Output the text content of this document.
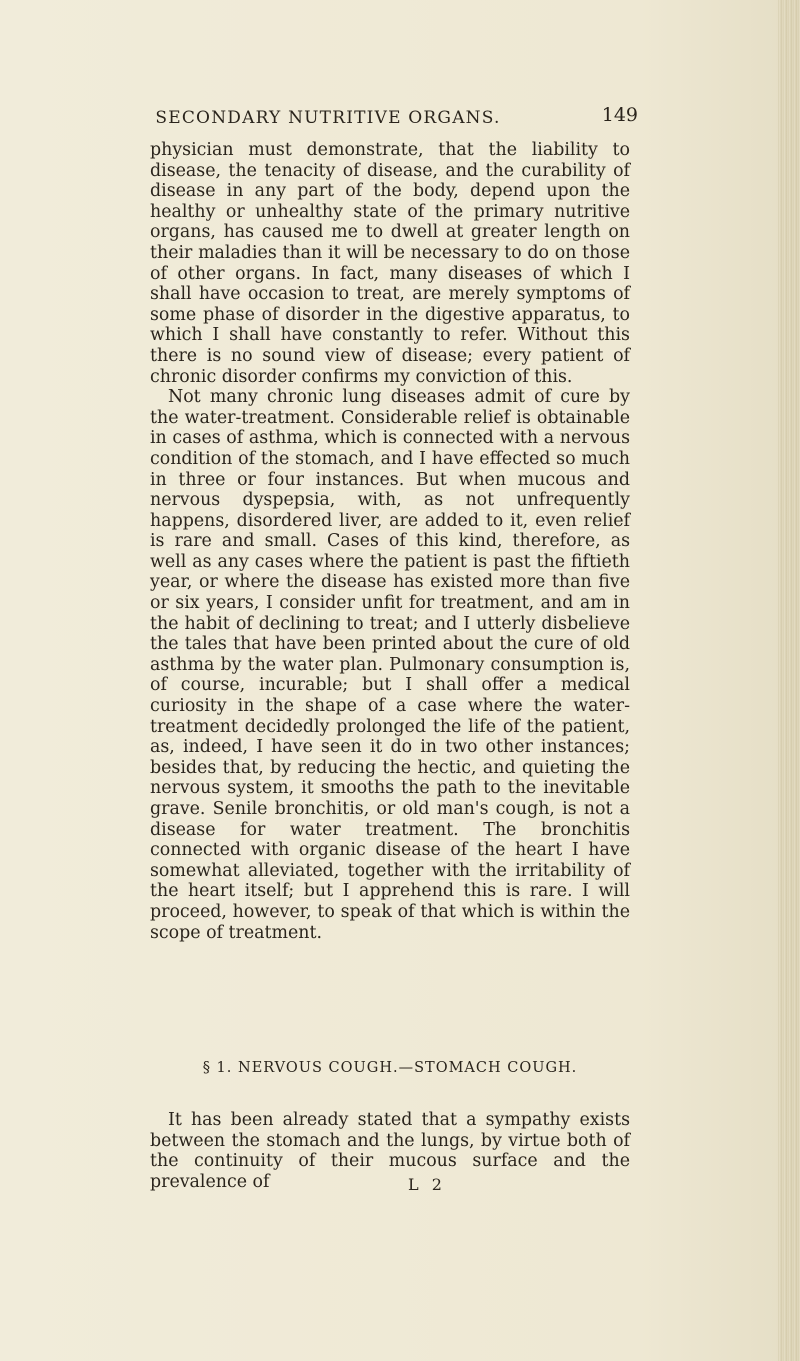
SECONDARY NUTRITIVE ORGANS.	149

physician must demonstrate, that the liability to disease, the tenacity of disease, and the curability of disease in any part of the body, depend upon the healthy or unhealthy state of the primary nutritive organs, has caused me to dwell at greater length on their maladies than it will be necessary to do on those of other organs. In fact, many diseases of which I shall have occasion to treat, are merely symptoms of some phase of disorder in the digestive apparatus, to which I shall have constantly to refer. Without this there is no sound view of disease; every patient of chronic disorder confirms my conviction of this.

Not many chronic lung diseases admit of cure by the water-treatment. Considerable relief is obtainable in cases of asthma, which is connected with a nervous condition of the stomach, and I have effected so much in three or four instances. But when mucous and nervous dyspepsia, with, as not unfrequently happens, disordered liver, are added to it, even relief is rare and small. Cases of this kind, therefore, as well as any cases where the patient is past the fiftieth year, or where the disease has existed more than five or six years, I consider unfit for treatment, and am in the habit of declining to treat; and I utterly disbelieve the tales that have been printed about the cure of old asthma by the water plan. Pulmonary consumption is, of course, incurable; but I shall offer a medical curiosity in the shape of a case where the water-treatment decidedly prolonged the life of the patient, as, indeed, I have seen it do in two other instances; besides that, by reducing the hectic, and quieting the nervous system, it smooths the path to the inevitable grave. Senile bronchitis, or old man's cough, is not a disease for water treatment. The bronchitis connected with organic disease of the heart I have somewhat alleviated, together with the irritability of the heart itself; but I apprehend this is rare. I will proceed, however, to speak of that which is within the scope of treatment.

§ 1. NERVOUS COUGH.—STOMACH COUGH.

It has been already stated that a sympathy exists between the stomach and the lungs, by virtue both of the continuity of their mucous surface and the prevalence of	L 2
